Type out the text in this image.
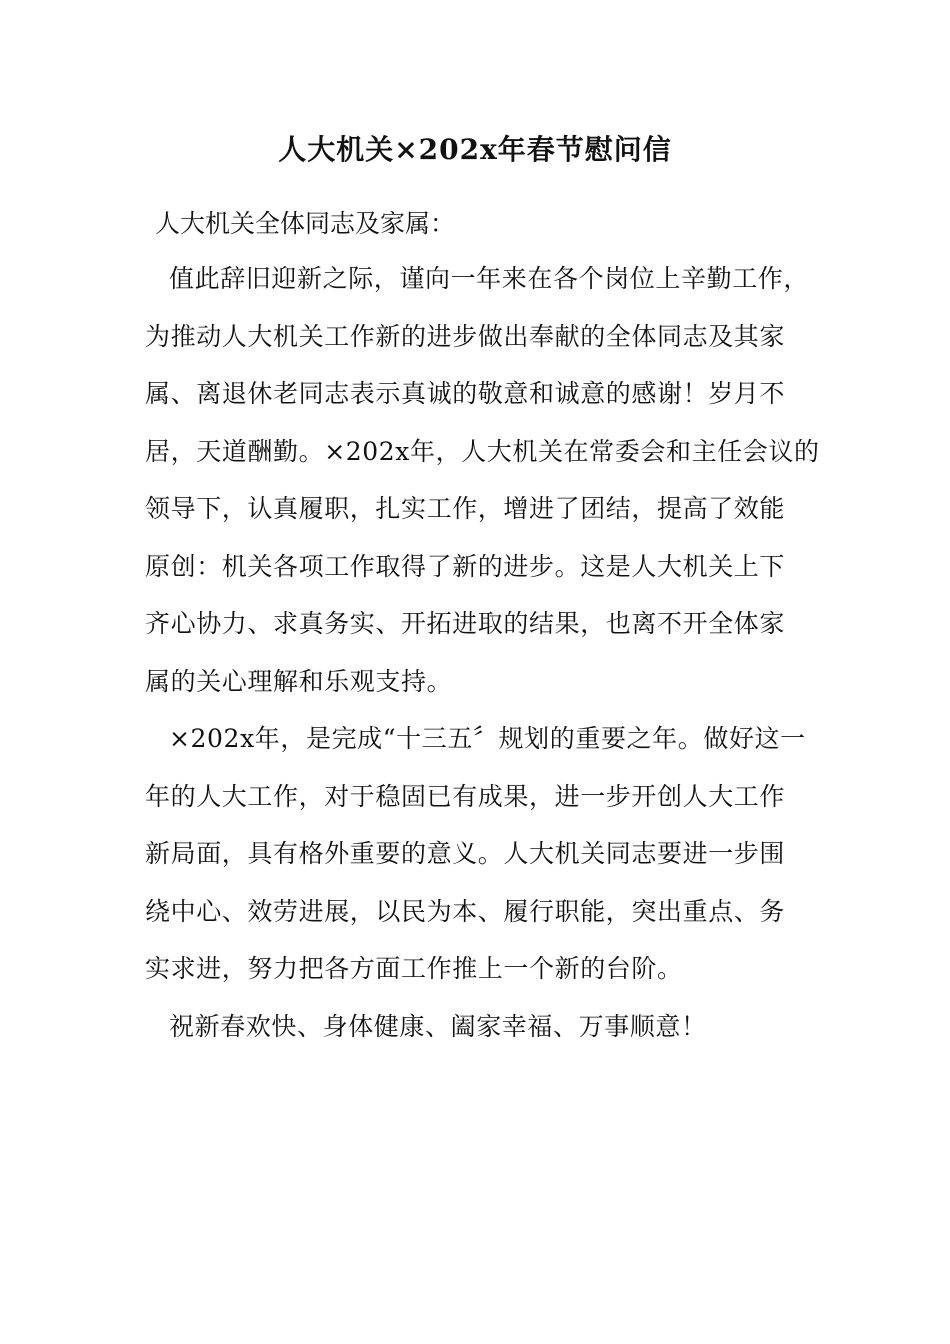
人大机关×202x年春节慰问信
人大机关全体同志及家属：
值此辞旧迎新之际，谨向一年来在各个岗位上辛勤工作，
为推动人大机关工作新的进步做出奉献的全体同志及其家
属、离退休老同志表示真诚的敬意和诚意的感谢！岁月不
居，天道酬勤。×202x年，人大机关在常委会和主任会议的
领导下，认真履职，扎实工作，增进了团结，提高了效能
原创：机关各项工作取得了新的进步。这是人大机关上下
齐心协力、求真务实、开拓进取的结果，也离不开全体家
属的关心理解和乐观支持。
×202x年，是完成“十三五〞规划的重要之年。做好这一
年的人大工作，对于稳固已有成果，进一步开创人大工作
新局面，具有格外重要的意义。人大机关同志要进一步围
绕中心、效劳进展，以民为本、履行职能，突出重点、务
实求进，努力把各方面工作推上一个新的台阶。
祝新春欢快、身体健康、阖家幸福、万事顺意！
